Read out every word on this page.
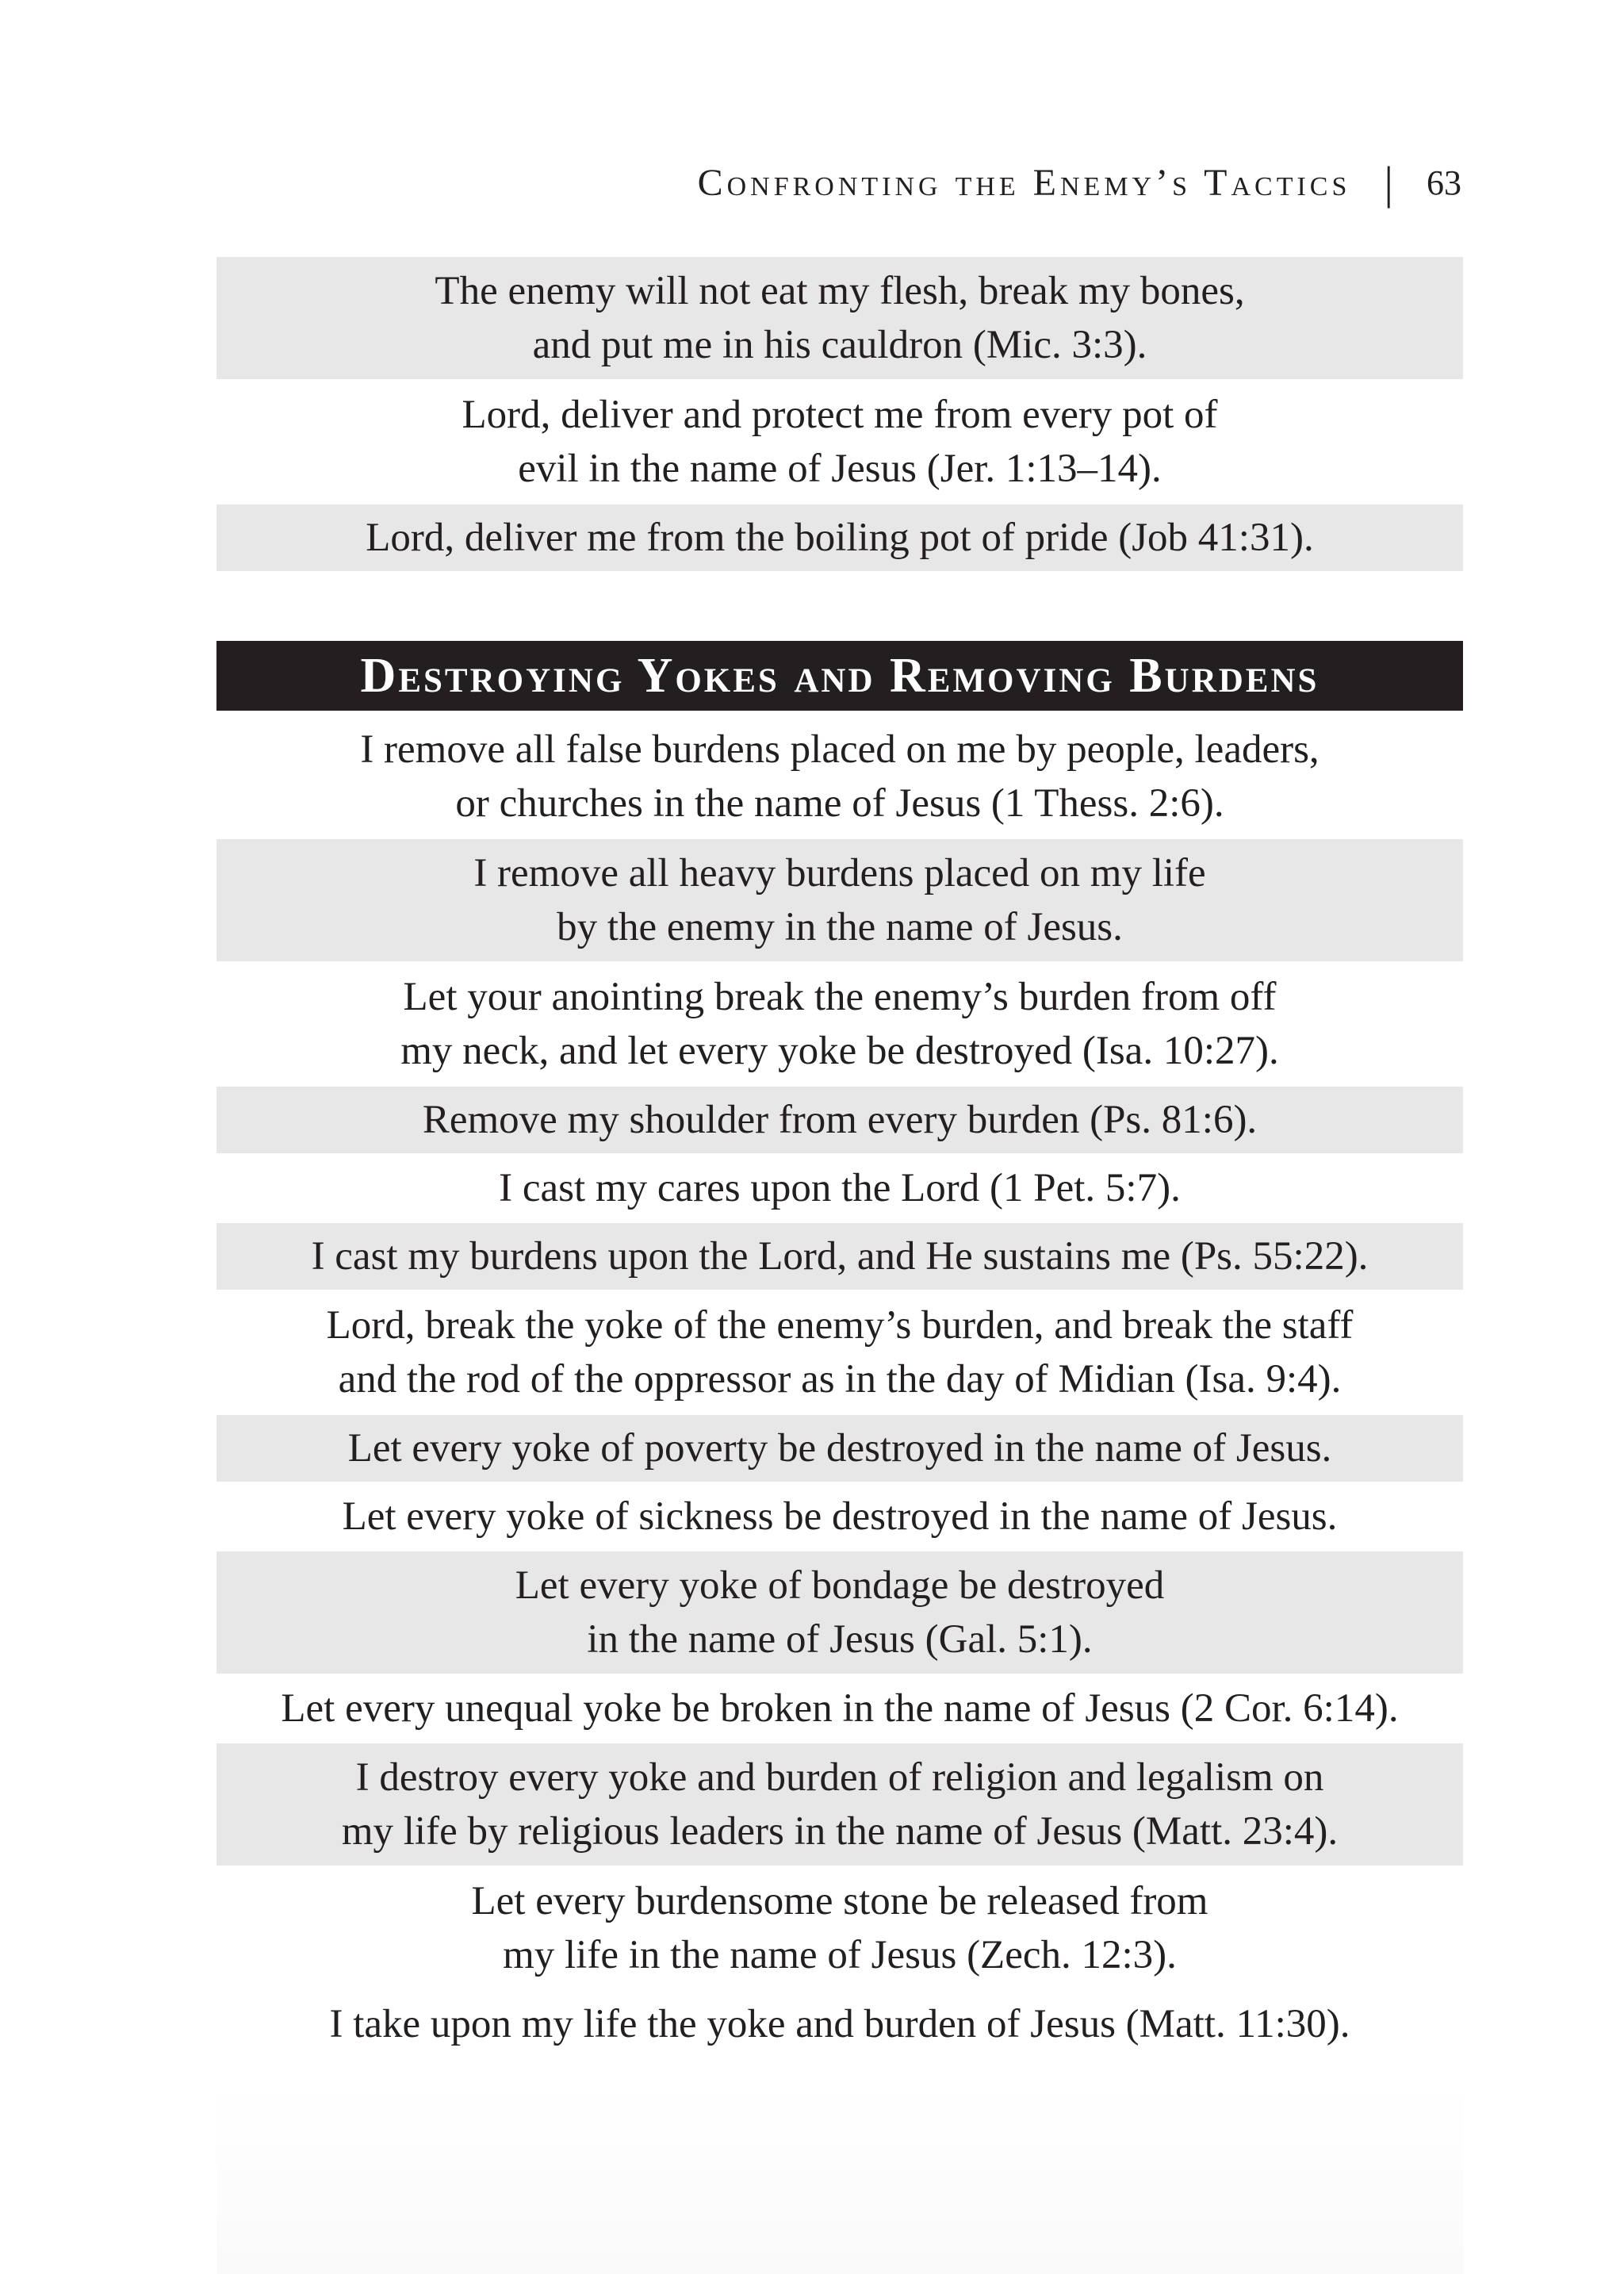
Confronting the Enemy’s Tactics | 63
The enemy will not eat my flesh, break my bones,
and put me in his cauldron (Mic. 3:3).
Lord, deliver and protect me from every pot of
evil in the name of Jesus (Jer. 1:13–14).
Lord, deliver me from the boiling pot of pride (Job 41:31).
Destroying Yokes and Removing Burdens
I remove all false burdens placed on me by people, leaders,
or churches in the name of Jesus (1 Thess. 2:6).
I remove all heavy burdens placed on my life
by the enemy in the name of Jesus.
Let your anointing break the enemy’s burden from off
my neck, and let every yoke be destroyed (Isa. 10:27).
Remove my shoulder from every burden (Ps. 81:6).
I cast my cares upon the Lord (1 Pet. 5:7).
I cast my burdens upon the Lord, and He sustains me (Ps. 55:22).
Lord, break the yoke of the enemy’s burden, and break the staff
and the rod of the oppressor as in the day of Midian (Isa. 9:4).
Let every yoke of poverty be destroyed in the name of Jesus.
Let every yoke of sickness be destroyed in the name of Jesus.
Let every yoke of bondage be destroyed
in the name of Jesus (Gal. 5:1).
Let every unequal yoke be broken in the name of Jesus (2 Cor. 6:14).
I destroy every yoke and burden of religion and legalism on
my life by religious leaders in the name of Jesus (Matt. 23:4).
Let every burdensome stone be released from
my life in the name of Jesus (Zech. 12:3).
I take upon my life the yoke and burden of Jesus (Matt. 11:30).
